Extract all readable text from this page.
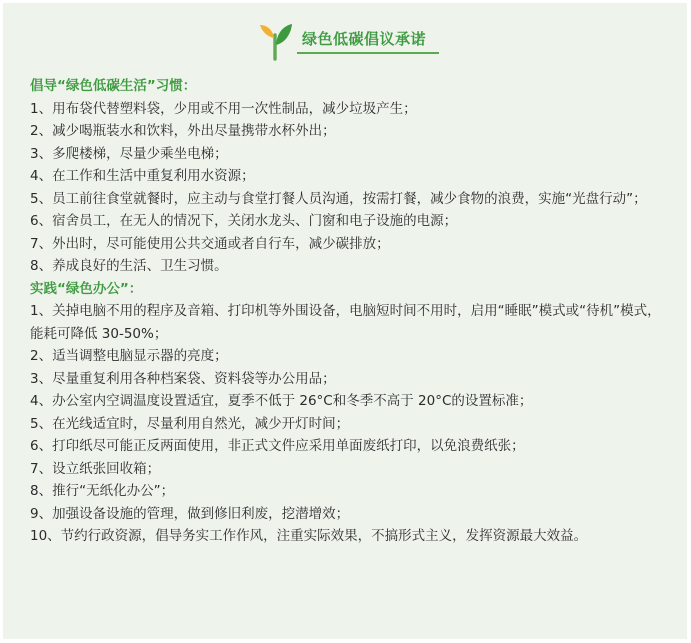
绿色低碳倡议承诺
倡导“绿色低碳生活”习惯：
1、用布袋代替塑料袋，少用或不用一次性制品，减少垃圾产生；
2、减少喝瓶装水和饮料，外出尽量携带水杯外出；
3、多爬楼梯，尽量少乘坐电梯；
4、在工作和生活中重复利用水资源；
5、员工前往食堂就餐时，应主动与食堂打餐人员沟通，按需打餐，减少食物的浪费，实施“光盘行动”；
6、宿舍员工，在无人的情况下，关闭水龙头、门窗和电子设施的电源；
7、外出时，尽可能使用公共交通或者自行车，减少碳排放；
8、养成良好的生活、卫生习惯。
实践“绿色办公”：
1、关掉电脑不用的程序及音箱、打印机等外围设备，电脑短时间不用时，启用“睡眠”模式或“待机”模式，能耗可降低 30-50%；
2、适当调整电脑显示器的亮度；
3、尽量重复利用各种档案袋、资料袋等办公用品；
4、办公室内空调温度设置适宜，夏季不低于 26°C和冬季不高于 20°C的设置标准；
5、在光线适宜时，尽量利用自然光，减少开灯时间；
6、打印纸尽可能正反两面使用，非正式文件应采用单面废纸打印，以免浪费纸张；
7、设立纸张回收箱；
8、推行“无纸化办公”；
9、加强设备设施的管理，做到修旧利废，挖潜增效；
10、节约行政资源，倡导务实工作作风，注重实际效果，不搞形式主义，发挥资源最大效益。
